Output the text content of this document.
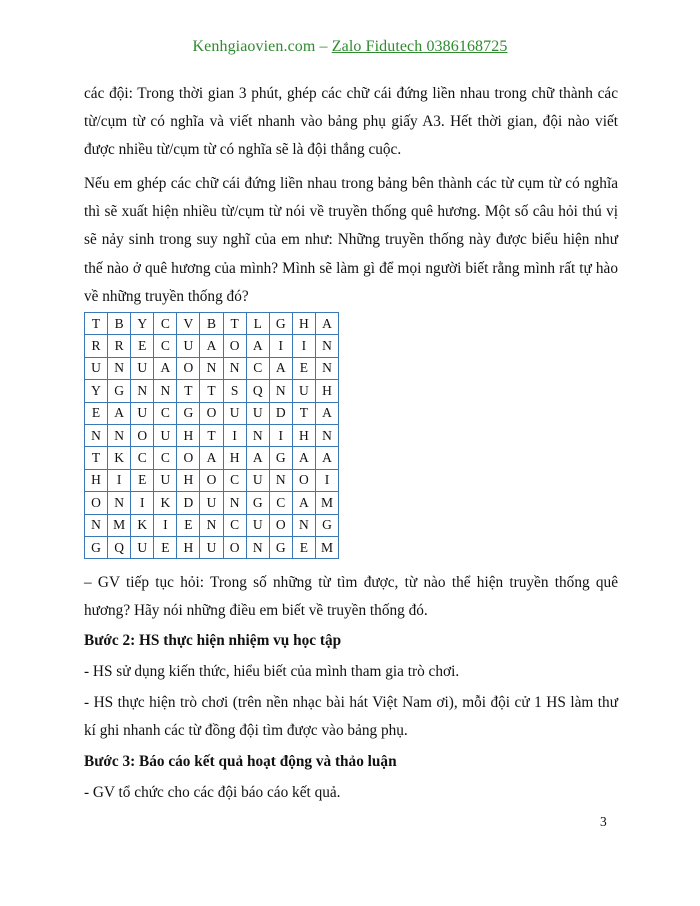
Kenhgiaovien.com – Zalo Fidutech 0386168725

các đội: Trong thời gian 3 phút, ghép các chữ cái đứng liền nhau trong chữ thành các từ/cụm từ có nghĩa và viết nhanh vào bảng phụ giấy A3. Hết thời gian, đội nào viết được nhiều từ/cụm từ có nghĩa sẽ là đội thắng cuộc.

Nếu em ghép các chữ cái đứng liền nhau trong bảng bên thành các từ cụm từ có nghĩa thì sẽ xuất hiện nhiều từ/cụm từ nói về truyền thống quê hương. Một số câu hỏi thú vị sẽ nảy sinh trong suy nghĩ của em như: Những truyền thống này được biểu hiện như thế nào ở quê hương của mình? Mình sẽ làm gì để mọi người biết rằng mình rất tự hào về những truyền thống đó?

T	B	Y	C	V	B	T	L	G	H	A
R	R	E	C	U	A	O	A	I	I	N
U	N	U	A	O	N	N	C	A	E	N
Y	G	N	N	T	T	S	Q	N	U	H
E	A	U	C	G	O	U	U	D	T	A
N	N	O	U	H	T	I	N	I	H	N
T	K	C	C	O	A	H	A	G	A	A
H	I	E	U	H	O	C	U	N	O	I
O	N	I	K	D	U	N	G	C	A	M
N	M	K	I	E	N	C	U	O	N	G
G	Q	U	E	H	U	O	N	G	E	M

– GV tiếp tục hỏi: Trong số những từ tìm được, từ nào thể hiện truyền thống quê hương? Hãy nói những điều em biết về truyền thống đó.

Bước 2: HS thực hiện nhiệm vụ học tập

- HS sử dụng kiến thức, hiểu biết của mình tham gia trò chơi.

- HS thực hiện trò chơi (trên nền nhạc bài hát Việt Nam ơi), mỗi đội cử 1 HS làm thư kí ghi nhanh các từ đồng đội tìm được vào bảng phụ.

Bước 3: Báo cáo kết quả hoạt động và thảo luận

- GV tổ chức cho các đội báo cáo kết quả.

3
